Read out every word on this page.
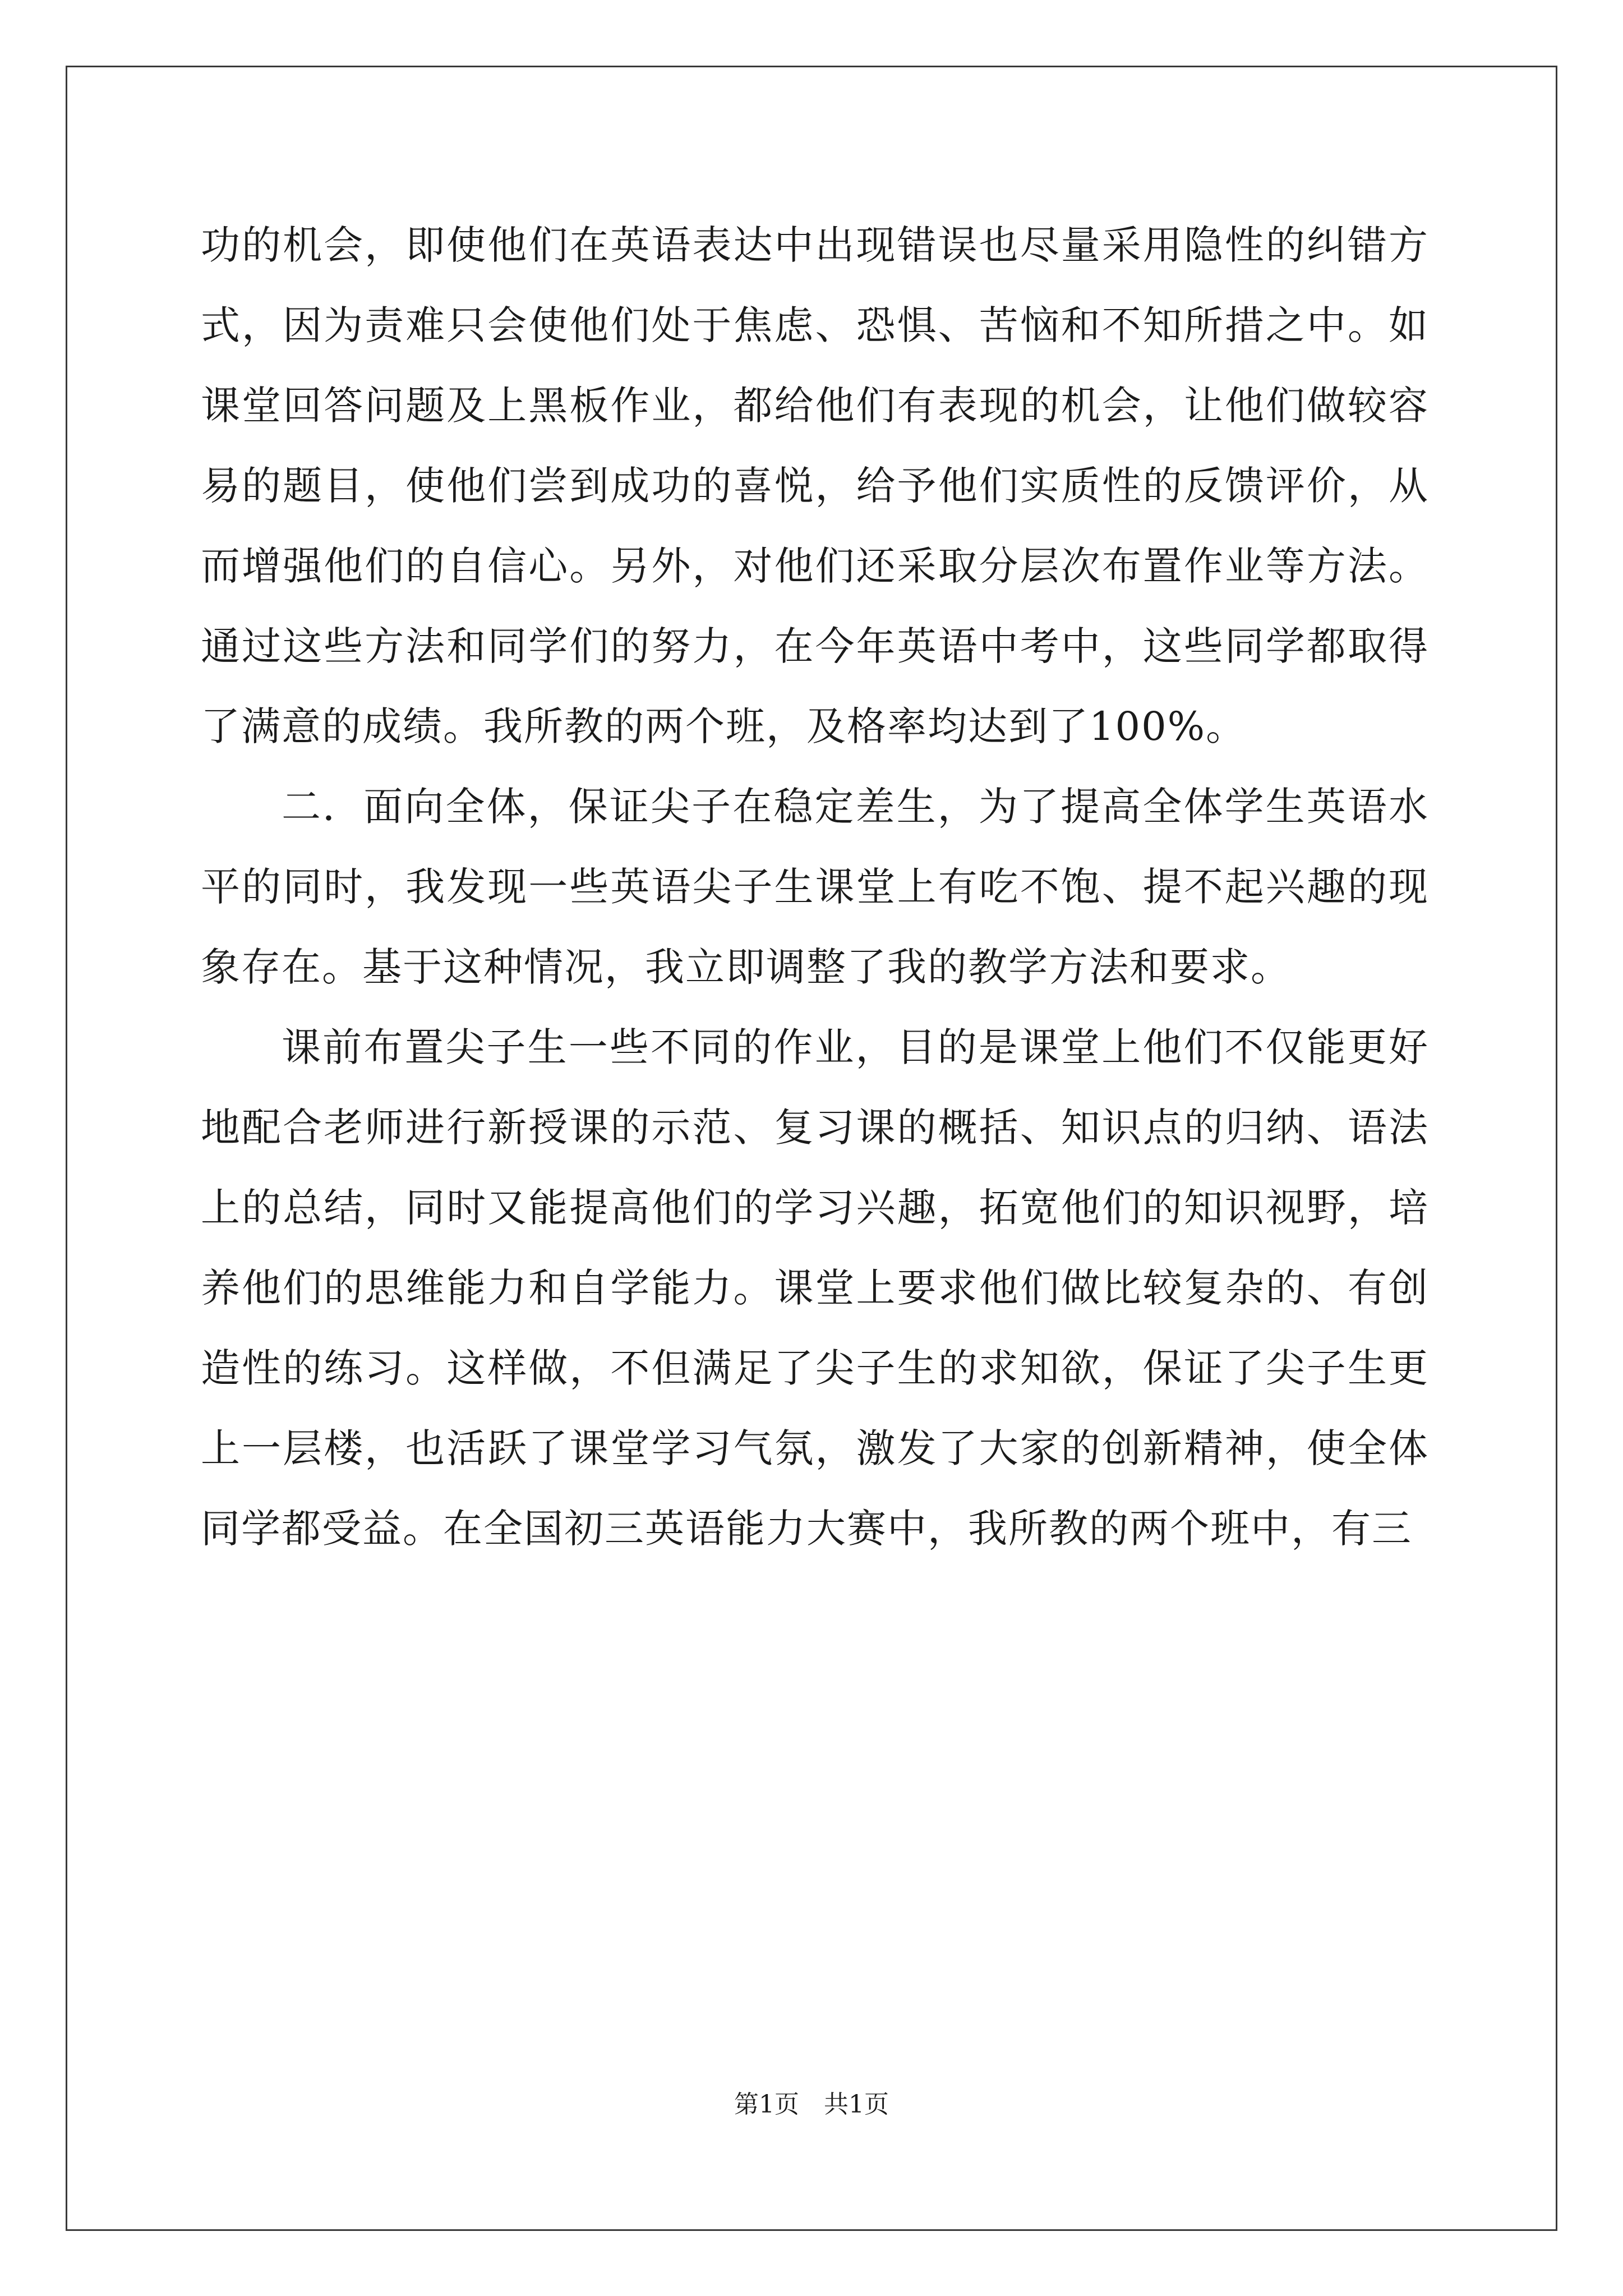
功的机会，即使他们在英语表达中出现错误也尽量采用隐性的纠错方式，因为责难只会使他们处于焦虑、恐惧、苦恼和不知所措之中。如课堂回答问题及上黑板作业，都给他们有表现的机会，让他们做较容易的题目，使他们尝到成功的喜悦，给予他们实质性的反馈评价，从而增强他们的自信心。另外，对他们还采取分层次布置作业等方法。通过这些方法和同学们的努力，在今年英语中考中，这些同学都取得了满意的成绩。我所教的两个班，及格率均达到了100%。

二．面向全体，保证尖子在稳定差生，为了提高全体学生英语水平的同时，我发现一些英语尖子生课堂上有吃不饱、提不起兴趣的现象存在。基于这种情况，我立即调整了我的教学方法和要求。

课前布置尖子生一些不同的作业，目的是课堂上他们不仅能更好地配合老师进行新授课的示范、复习课的概括、知识点的归纳、语法上的总结，同时又能提高他们的学习兴趣，拓宽他们的知识视野，培养他们的思维能力和自学能力。课堂上要求他们做比较复杂的、有创造性的练习。这样做，不但满足了尖子生的求知欲，保证了尖子生更上一层楼，也活跃了课堂学习气氛，激发了大家的创新精神，使全体同学都受益。在全国初三英语能力大赛中，我所教的两个班中，有三

第1页 共1页
